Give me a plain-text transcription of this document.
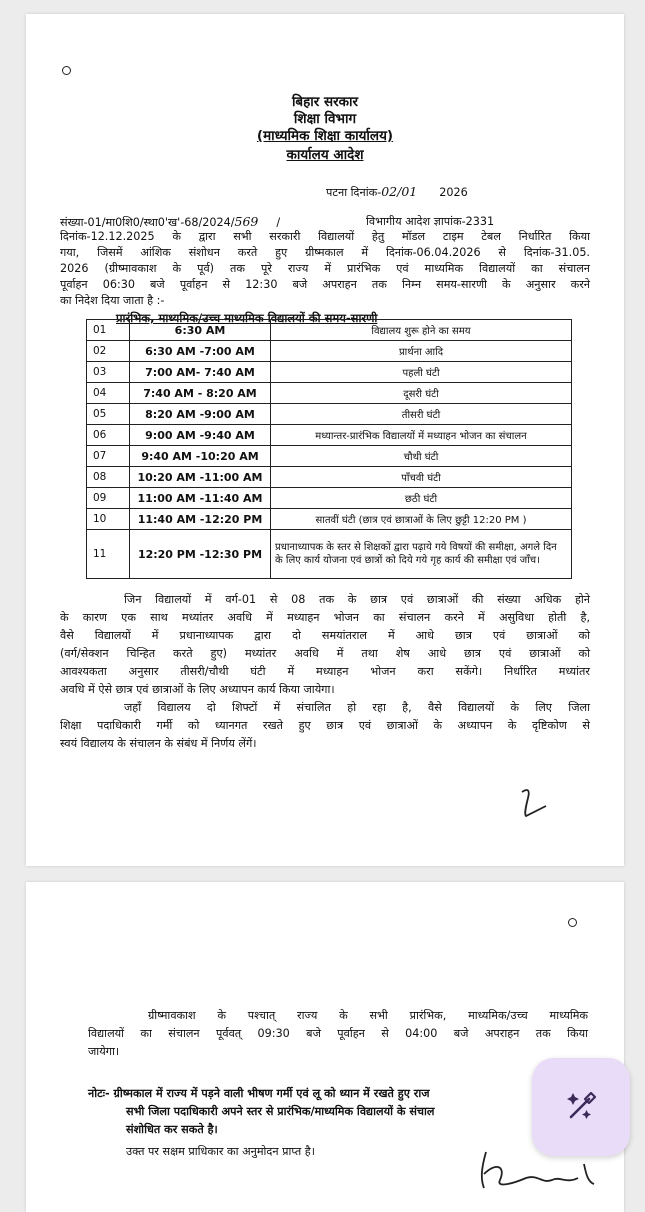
बिहार सरकार
शिक्षा विभाग
(माध्यमिक शिक्षा कार्यालय)
कार्यालय आदेश
पटना दिनांक-02/01 2026
संख्या-01/मा0शि0/स्था0'ख'-68/2024/569 /	विभागीय आदेश ज्ञापांक-2331
दिनांक-12.12.2025 के द्वारा सभी सरकारी विद्यालयों हेतु मॉडल टाइम टेबल निर्धारित किया
गया, जिसमें आंशिक संशोधन करते हुए ग्रीष्मकाल में दिनांक-06.04.2026 से दिनांक-31.05.
2026 (ग्रीष्मावकाश के पूर्व) तक पूरे राज्य में प्रारंभिक एवं माध्यमिक विद्यालयों का संचालन
पूर्वाहन 06:30 बजे पूर्वाहन से 12:30 बजे अपराहन तक निम्न समय-सारणी के अनुसार करने
का निदेश दिया जाता है :-
प्रारंभिक, माध्यमिक/उच्च माध्यमिक विद्यालयों की समय-सारणी
01	6:30 AM	विद्यालय शुरू होने का समय
02	6:30 AM -7:00 AM	प्रार्थना आदि
03	7:00 AM- 7:40 AM	पहली घंटी
04	7:40 AM - 8:20 AM	दूसरी घंटी
05	8:20 AM -9:00 AM	तीसरी घंटी
06	9:00 AM -9:40 AM	मध्यान्तर-प्रारंभिक विद्यालयों में मध्याहन भोजन का संचालन
07	9:40 AM -10:20 AM	चौथी घंटी
08	10:20 AM -11:00 AM	पाँचवी घंटी
09	11:00 AM -11:40 AM	छठी घंटी
10	11:40 AM -12:20 PM	सातवीं घंटी (छात्र एवं छात्राओं के लिए छुट्टी 12:20 PM )
11	12:20 PM -12:30 PM	प्रधानाध्यापक के स्तर से शिक्षकों द्वारा पढ़ाये गये विषयों की समीक्षा, अगले दिन के लिए कार्य योजना एवं छात्रों को दिये गये गृह कार्य की समीक्षा एवं जाँच।
जिन विद्यालयों में वर्ग-01 से 08 तक के छात्र एवं छात्राओं की संख्या अधिक होने
के कारण एक साथ मध्यांतर अवधि में मध्याहन भोजन का संचालन करने में असुविधा होती है,
वैसे विद्यालयों में प्रधानाध्यापक द्वारा दो समयांतराल में आधे छात्र एवं छात्राओं को
(वर्ग/सेक्शन चिन्हित करते हुए) मध्यांतर अवधि में तथा शेष आधे छात्र एवं छात्राओं को
आवश्यकता अनुसार तीसरी/चौथी घंटी में मध्याहन भोजन करा सकेंगे। निर्धारित मध्यांतर
अवधि में ऐसे छात्र एवं छात्राओं के लिए अध्यापन कार्य किया जायेगा।
जहाँ विद्यालय दो शिफ्टों में संचालित हो रहा है, वैसे विद्यालयों के लिए जिला
शिक्षा पदाधिकारी गर्मी को ध्यानगत रखते हुए छात्र एवं छात्राओं के अध्यापन के दृष्टिकोण से
स्वयं विद्यालय के संचालन के संबंध में निर्णय लेंगें।
ग्रीष्मावकाश के पश्चात् राज्य के सभी प्रारंभिक, माध्यमिक/उच्च माध्यमिक
विद्यालयों का संचालन पूर्ववत् 09:30 बजे पूर्वाहन से 04:00 बजे अपराहन तक किया
जायेगा।
नोटः- ग्रीष्मकाल में राज्य में पड़ने वाली भीषण गर्मी एवं लू को ध्यान में रखते हुए राज
सभी जिला पदाधिकारी अपने स्तर से प्रारंभिक/माध्यमिक विद्यालयों के संचाल
संशोधित कर सकते है।
उक्त पर सक्षम प्राधिकार का अनुमोदन प्राप्त है।
